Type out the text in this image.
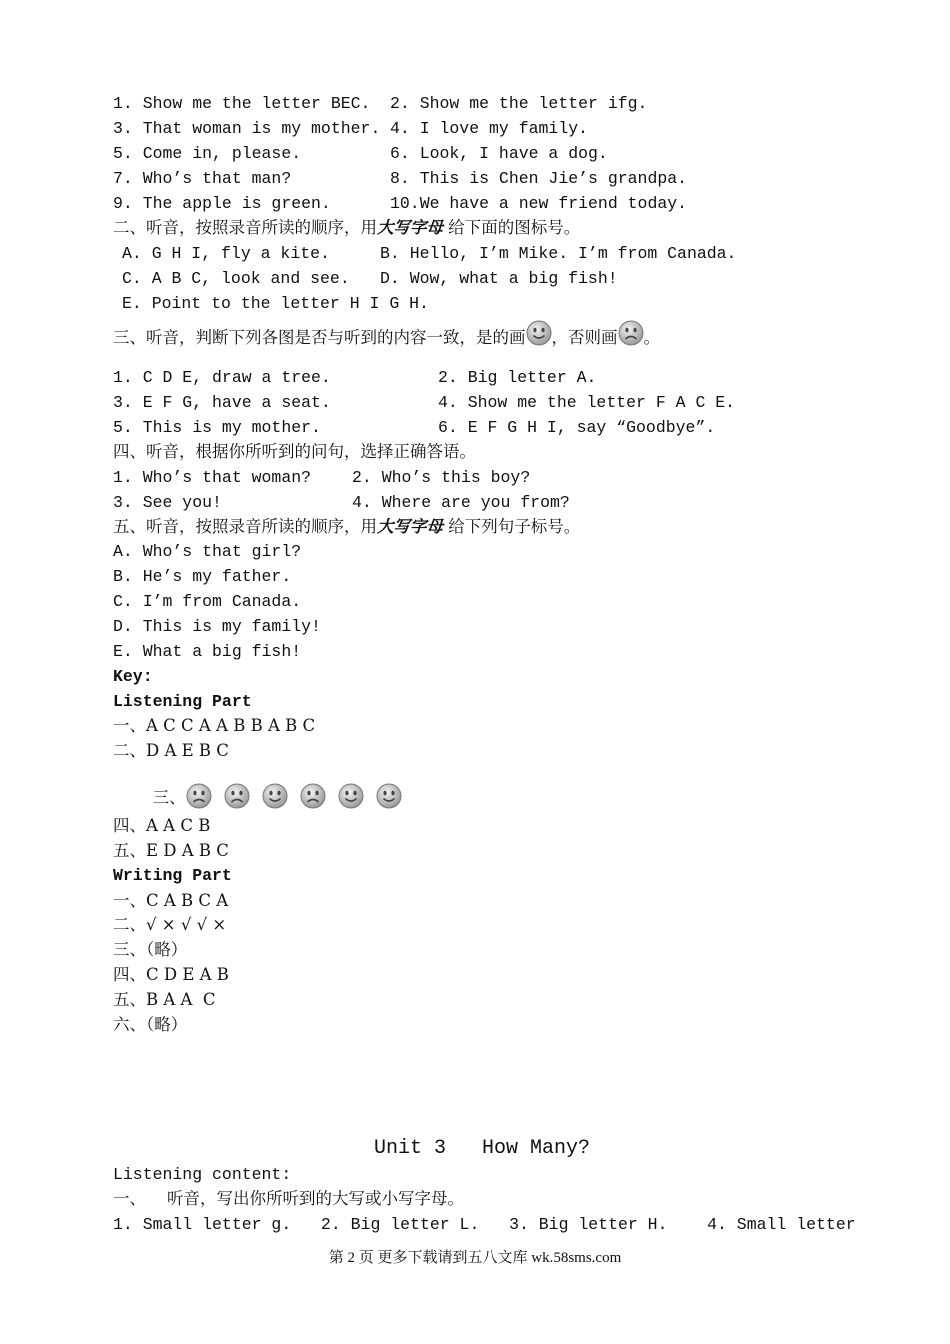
1. Show me the letter BEC. 2. Show me the letter ifg.
3. That woman is my mother. 4. I love my family.
5. Come in, please.	6. Look, I have a dog.
7. Who’s that man?	8. This is Chen Jie’s grandpa.
9. The apple is green.	10.We have a new friend today.
二、听音，按照录音所读的顺序，用大写字母 给下面的图标号。
A. G H I, fly a kite.	B. Hello, I’m Mike. I’m from Canada.
C. A B C, look and see. D. Wow, what a big fish!
E. Point to the letter H I G H.
三、听音，判断下列各图是否与听到的内容一致，是的画 ，否则画 。
1. C D E, draw a tree.	2. Big letter A.
3. E F G, have a seat.	4. Show me the letter F A C E.
5. This is my mother.	6. E F G H I, say “Goodbye”.
四、听音，根据你所听到的问句，选择正确答语。
1. Who’s that woman? 2. Who’s this boy?
3. See you!	4. Where are you from?
五、听音，按照录音所读的顺序，用大写字母 给下列句子标号。
A. Who’s that girl?
B. He’s my father.
C. I’m from Canada.
D. This is my family!
E. What a big fish!
Key:
Listening Part
一、A C C A A B B A B C
二、D A E B C

三、

四、A A C B
五、E D A B C
Writing Part
一、C A B C A
二、√ × √ √ ×
三、（略）
四、C D E A B
五、B A A  C
六、（略）
Unit 3   How Many?
Listening content:
一、    听音，写出你所听到的大写或小写字母。
1. Small letter g.   2. Big letter L.   3. Big letter H.    4. Small letter
第 2 页 更多下载请到五八文库 wk.58sms.com
